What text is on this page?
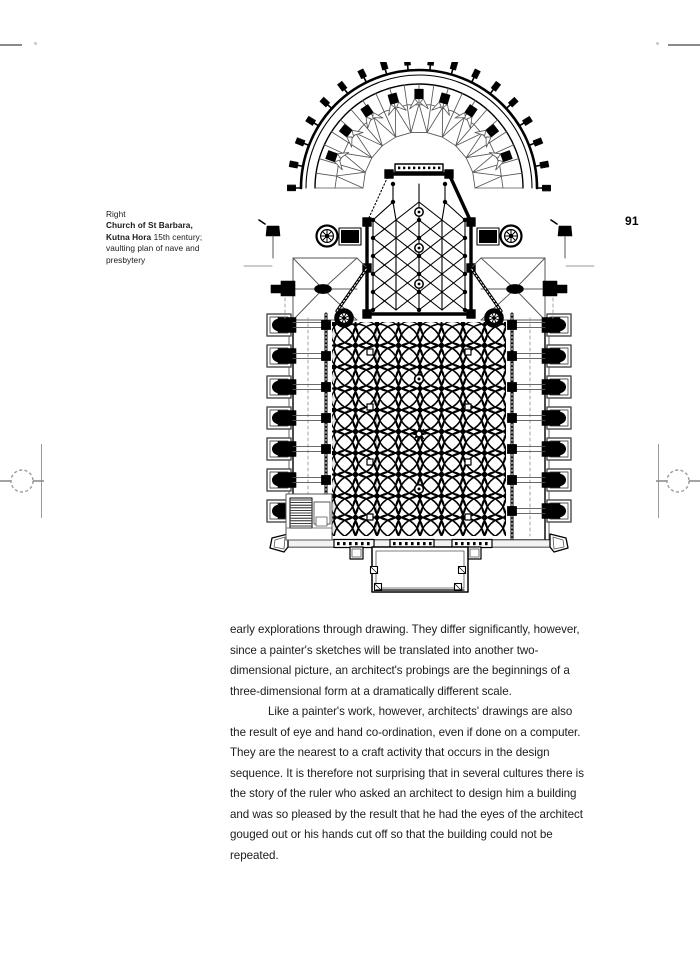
Right
Church of St Barbara, Kutna Hora 15th century; vaulting plan of nave and presbytery
91

early explorations through drawing. They differ significantly, however, since a painter's sketches will be translated into another two-dimensional picture, an architect's probings are the beginnings of a three-dimensional form at a dramatically different scale.

Like a painter's work, however, architects' drawings are also the result of eye and hand co-ordination, even if done on a computer. They are the nearest to a craft activity that occurs in the design sequence. It is therefore not surprising that in several cultures there is the story of the ruler who asked an architect to design him a building and was so pleased by the result that he had the eyes of the architect gouged out or his hands cut off so that the building could not be repeated.
